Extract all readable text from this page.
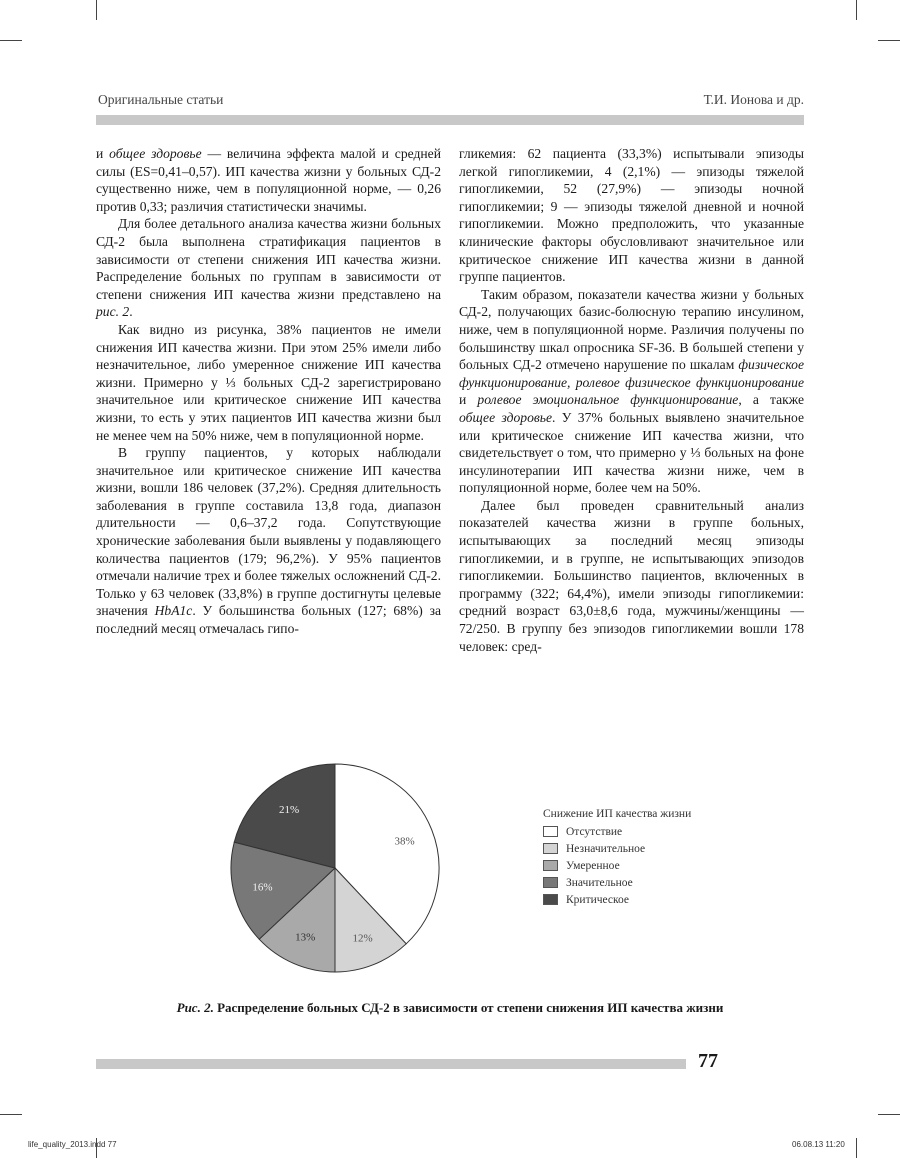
Оригинальные статьи	Т.И. Ионова и др.

и общее здоровье — величина эффекта малой и средней силы (ES=0,41–0,57). ИП качества жизни у больных СД-2 существенно ниже, чем в популяционной норме, — 0,26 против 0,33; различия статистически значимы.

Для более детального анализа качества жизни больных СД-2 была выполнена стратификация пациентов в зависимости от степени снижения ИП качества жизни. Распределение больных по группам в зависимости от степени снижения ИП качества жизни представлено на рис. 2.

Как видно из рисунка, 38% пациентов не имели снижения ИП качества жизни. При этом 25% имели либо незначительное, либо умеренное снижение ИП качества жизни. Примерно у ⅓ больных СД-2 зарегистрировано значительное или критическое снижение ИП качества жизни, то есть у этих пациентов ИП качества жизни был не менее чем на 50% ниже, чем в популяционной норме.

В группу пациентов, у которых наблюдали значительное или критическое снижение ИП качества жизни, вошли 186 человек (37,2%). Средняя длительность заболевания в группе составила 13,8 года, диапазон длительности — 0,6–37,2 года. Сопутствующие хронические заболевания были выявлены у подавляющего количества пациентов (179; 96,2%). У 95% пациентов отмечали наличие трех и более тяжелых осложнений СД-2. Только у 63 человек (33,8%) в группе достигнуты целевые значения HbA1c. У большинства больных (127; 68%) за последний месяц отмечалась гипо-

гликемия: 62 пациента (33,3%) испытывали эпизоды легкой гипогликемии, 4 (2,1%) — эпизоды тяжелой гипогликемии, 52 (27,9%) — эпизоды ночной гипогликемии; 9 — эпизоды тяжелой дневной и ночной гипогликемии. Можно предположить, что указанные клинические факторы обусловливают значительное или критическое снижение ИП качества жизни в данной группе пациентов.

Таким образом, показатели качества жизни у больных СД-2, получающих базис-болюсную терапию инсулином, ниже, чем в популяционной норме. Различия получены по большинству шкал опросника SF-36. В большей степени у больных СД-2 отмечено нарушение по шкалам физическое функционирование, ролевое физическое функционирование и ролевое эмоциональное функционирование, а также общее здоровье. У 37% больных выявлено значительное или критическое снижение ИП качества жизни, что свидетельствует о том, что примерно у ⅓ больных на фоне инсулинотерапии ИП качества жизни ниже, чем в популяционной норме, более чем на 50%.

Далее был проведен сравнительный анализ показателей качества жизни в группе больных, испытывающих за последний месяц эпизоды гипогликемии, и в группе, не испытывающих эпизодов гипогликемии. Большинство пациентов, включенных в программу (322; 64,4%), имели эпизоды гипогликемии: средний возраст 63,0±8,6 года, мужчины/женщины — 72/250. В группу без эпизодов гипогликемии вошли 178 человек: сред-

38%
12%
13%
16%
21%	Снижение ИП качества жизни
Отсутствие
Незначительное
Умеренное
Значительное
Критическое
Рис. 2. Распределение больных СД-2 в зависимости от степени снижения ИП качества жизни
77
life_quality_2013.indd 77	06.08.13 11:20
